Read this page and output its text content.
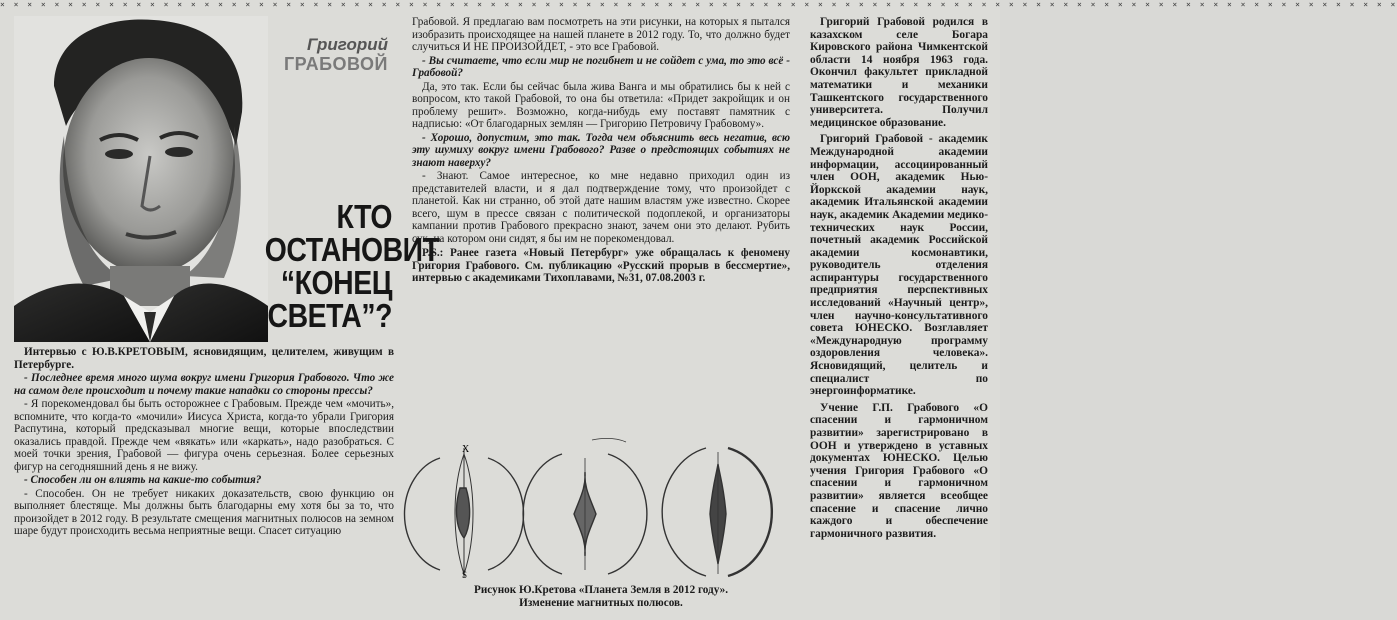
× × × × × × × × × × × × × × × × × × × × × × × × × × × × × × × × × × × × × × × × × × × × × × × × × × × × × × × × × × × × × × × × × × × × × × × × × × × × × × × × × × × × × × × × × × × × × × × × × × × × × × ×
Григорий
ГРАБОВОЙ
КТО
ОСТАНОВИТ
“КОНЕЦ
СВЕТА”?

Интервью с Ю.В.КРЕТОВЫМ, ясновидящим, целителем, живущим в Петербурге.

- Последнее время много шума вокруг имени Григория Грабового. Что же на самом деле происходит и почему такие нападки со стороны прессы?

- Я порекомендовал бы быть осторожнее с Грабовым. Прежде чем «мочить», вспомните, что когда-то «мочили» Иисуса Христа, когда-то убрали Григория Распутина, который предсказывал многие вещи, которые впоследствии оказались правдой. Прежде чем «вякать» или «каркать», надо разобраться. С моей точки зрения, Грабовой — фигура очень серьезная. Более серьезных фигур на сегодняшний день я не вижу.

- Способен ли он влиять на какие-то события?

- Способен. Он не требует никаких доказательств, свою функцию он выполняет блестяще. Мы должны быть благодарны ему хотя бы за то, что произойдет в 2012 году. В результате смещения магнитных полюсов на земном шаре будут происходить весьма неприятные вещи. Спасет ситуацию

Грабовой. Я предлагаю вам посмотреть на эти рисунки, на которых я пытался изобразить происходящее на нашей планете в 2012 году. То, что должно будет случиться И НЕ ПРОИЗОЙДЕТ, - это все Грабовой.

- Вы считаете, что если мир не погибнет и не сойдет с ума, то это всё - Грабовой?

Да, это так. Если бы сейчас была жива Ванга и мы обратились бы к ней с вопросом, кто такой Грабовой, то она бы ответила: «Придет закройщик и он проблему решит». Возможно, когда-нибудь ему поставят памятник с надписью: «От благодарных землян — Григорию Петровичу Грабовому».

- Хорошо, допустим, это так. Тогда чем объяснить весь негатив, всю эту шумиху вокруг имени Грабового? Разве о предстоящих событиях не знают наверху?

- Знают. Самое интересное, ко мне недавно приходил один из представителей власти, и я дал подтверждение тому, что произойдет с планетой. Как ни странно, об этой дате нашим властям уже известно. Скорее всего, шум в прессе связан с политической подоплекой, и организаторы кампании против Грабового прекрасно знают, зачем они это делают. Рубить сук, на котором они сидят, я бы им не порекомендовал.

P.S.: Ранее газета «Новый Петербург» уже обращалась к феномену Григория Грабового. См. публикацию «Русский прорыв в бессмертие», интервью с академиками Тихоплавами, №31, 07.08.2003 г.

X
S
Рисунок Ю.Кретова «Планета Земля в 2012 году».
Изменение магнитных полюсов.

Григорий Грабовой родился в казахском селе Богара Кировского района Чимкентской области 14 ноября 1963 года. Окончил факультет прикладной математики и механики Ташкентского государственного университета. Получил медицинское образование.

Григорий Грабовой - академик Международной академии информации, ассоциированный член ООН, академик Нью-Йоркской академии наук, академик Итальянской академии наук, академик Академии медико-технических наук России, почетный академик Российской академии космонавтики, руководитель отделения аспирантуры государственного предприятия перспективных исследований «Научный центр», член научно-консультативного совета ЮНЕСКО. Возглавляет «Международную программу оздоровления человека». Ясновидящий, целитель и специалист по энергоинформатике.

Учение Г.П. Грабового «О спасении и гармоничном развитии» зарегистрировано в ООН и утверждено в уставных документах ЮНЕСКО. Целью учения Григория Грабового «О спасении и гармоничном развитии» является всеобщее спасение и спасение лично каждого и обеспечение гармоничного развития.
